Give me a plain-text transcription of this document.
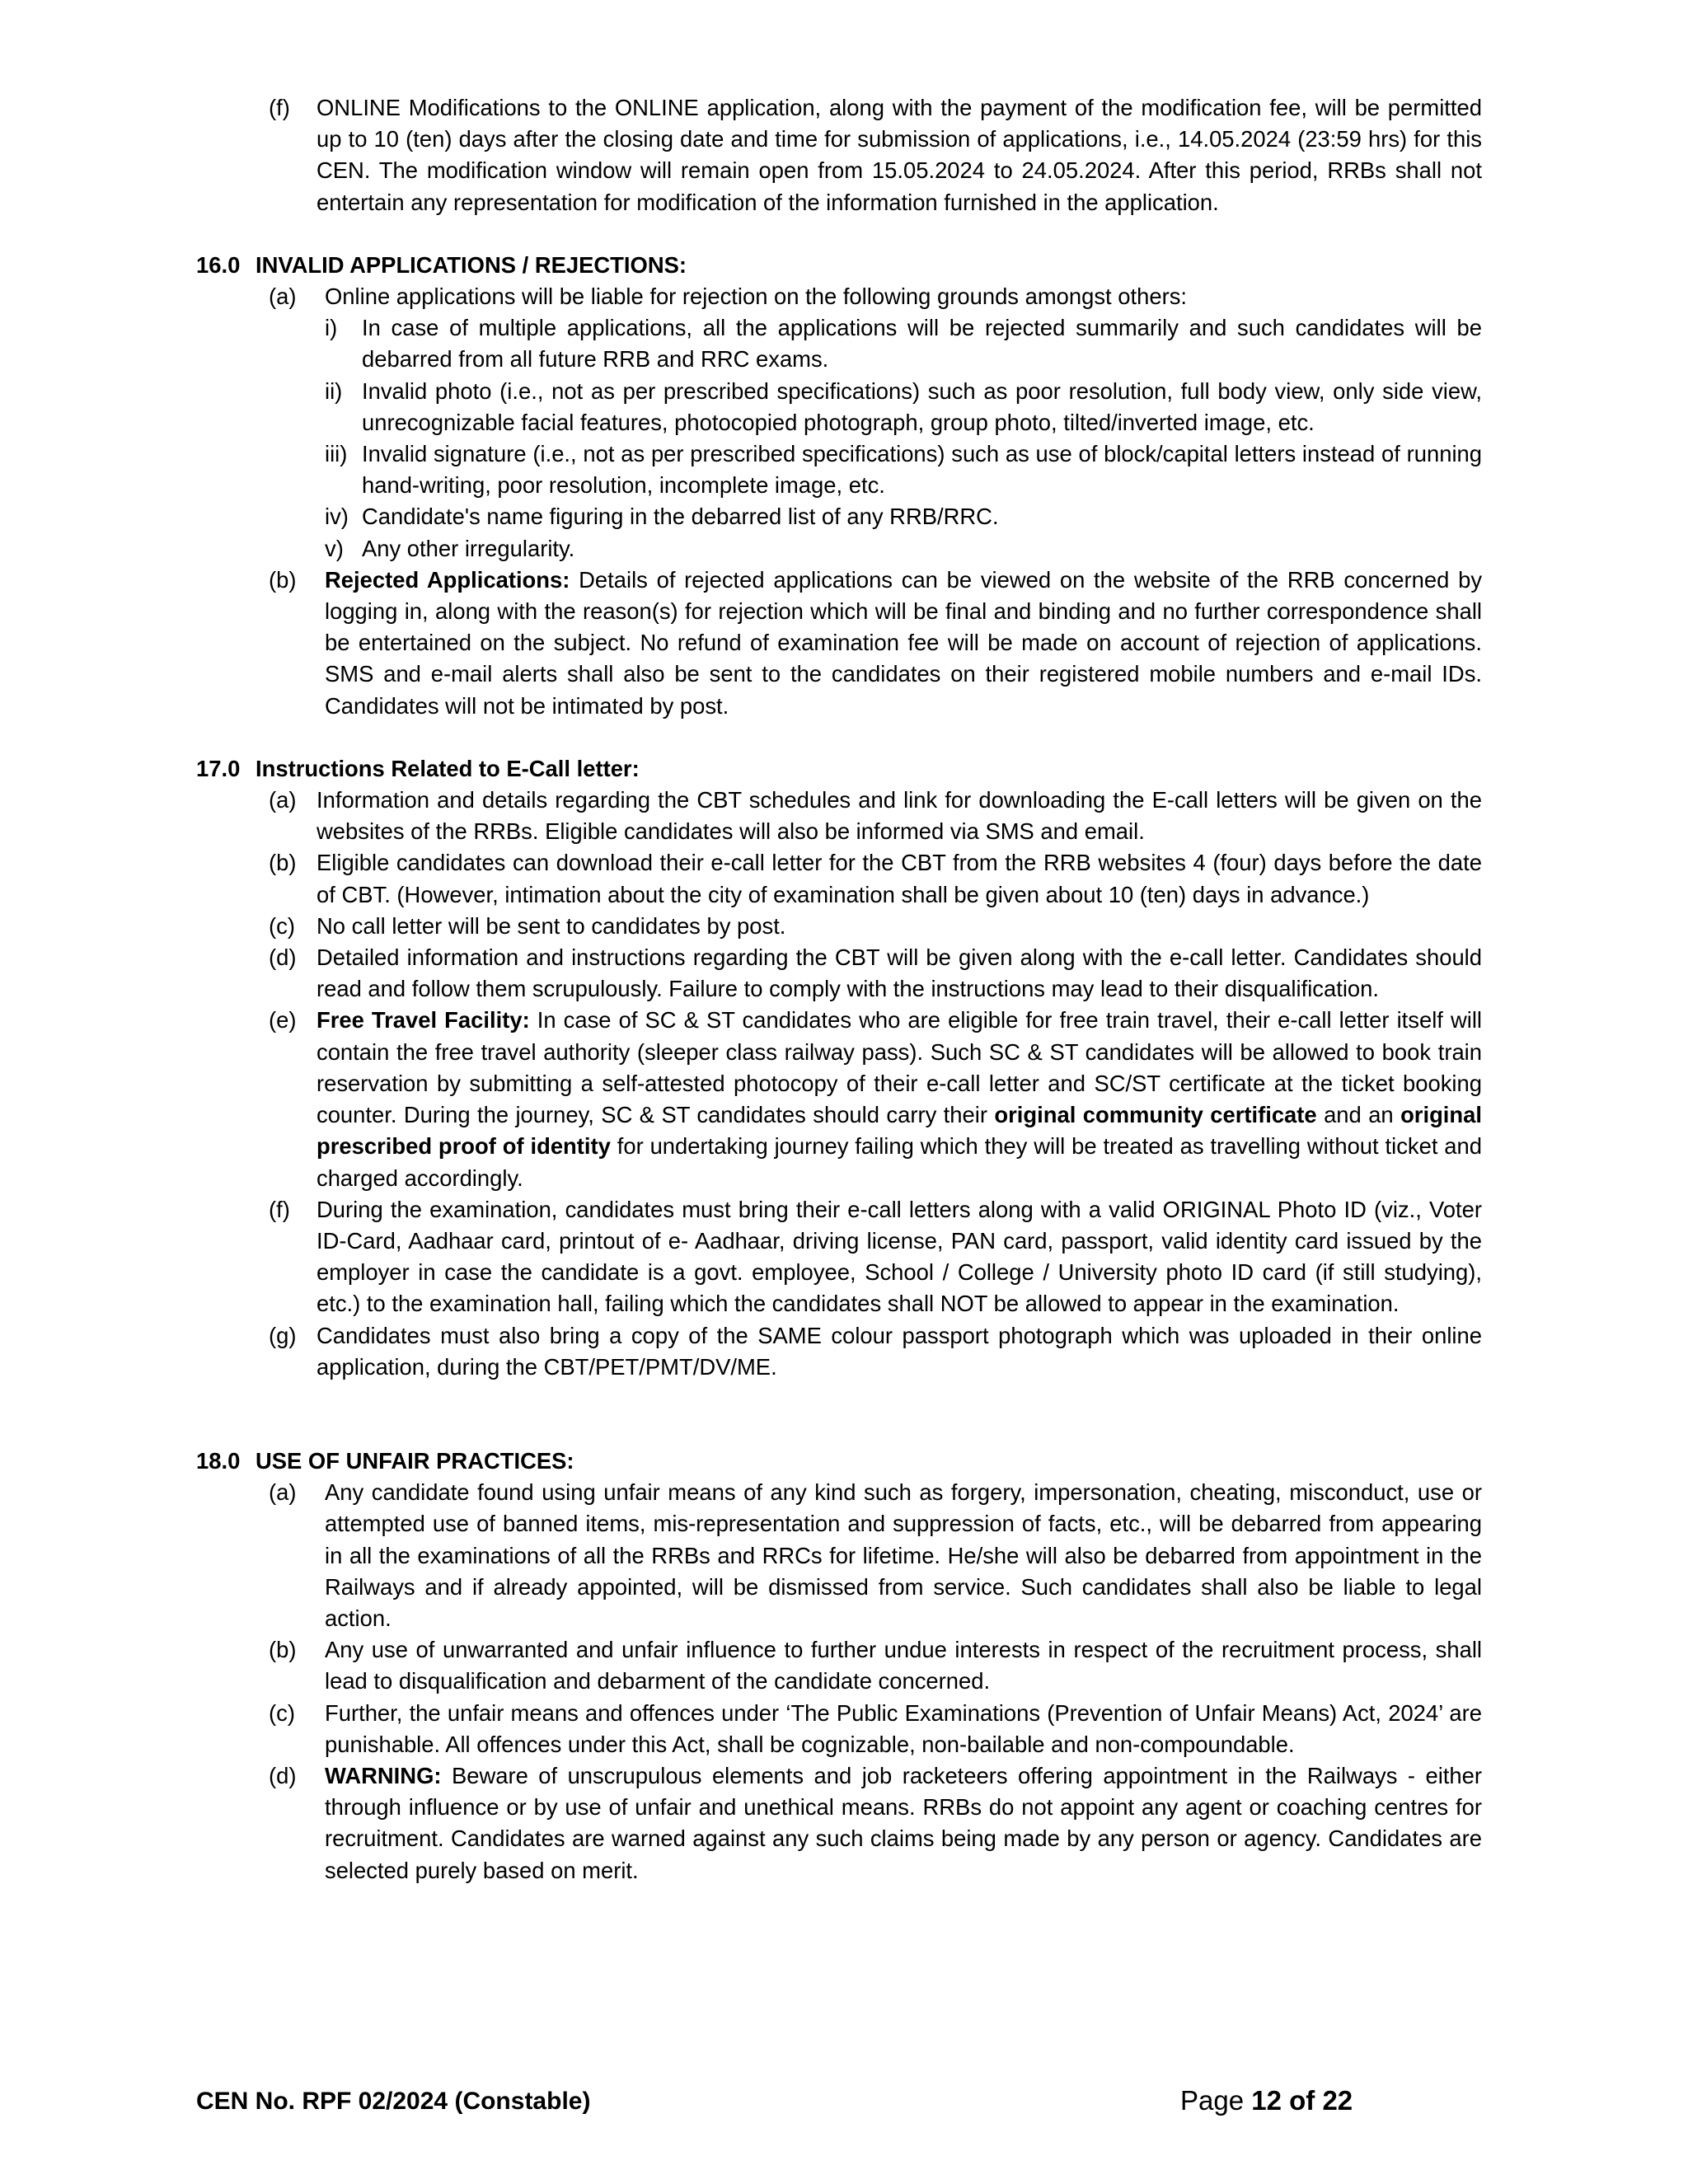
(f)	ONLINE Modifications to the ONLINE application, along with the payment of the modification fee, will be permitted up to 10 (ten) days after the closing date and time for submission of applications, i.e., 14.05.2024 (23:59 hrs) for this CEN. The modification window will remain open from 15.05.2024 to 24.05.2024. After this period, RRBs shall not entertain any representation for modification of the information furnished in the application.
16.0 INVALID APPLICATIONS / REJECTIONS:
(a)	Online applications will be liable for rejection on the following grounds amongst others:
i)	In case of multiple applications, all the applications will be rejected summarily and such candidates will be debarred from all future RRB and RRC exams.
ii) Invalid photo (i.e., not as per prescribed specifications) such as poor resolution, full body view, only side view, unrecognizable facial features, photocopied photograph, group photo, tilted/inverted image, etc.
iii) Invalid signature (i.e., not as per prescribed specifications) such as use of block/capital letters instead of running hand-writing, poor resolution, incomplete image, etc.
iv) Candidate's name figuring in the debarred list of any RRB/RRC.
v) Any other irregularity.
(b)	Rejected Applications: Details of rejected applications can be viewed on the website of the RRB concerned by logging in, along with the reason(s) for rejection which will be final and binding and no further correspondence shall be entertained on the subject. No refund of examination fee will be made on account of rejection of applications. SMS and e-mail alerts shall also be sent to the candidates on their registered mobile numbers and e-mail IDs. Candidates will not be intimated by post.
17.0 Instructions Related to E-Call letter:
(a) Information and details regarding the CBT schedules and link for downloading the E-call letters will be given on the websites of the RRBs. Eligible candidates will also be informed via SMS and email.
(b) Eligible candidates can download their e-call letter for the CBT from the RRB websites 4 (four) days before the date of CBT. (However, intimation about the city of examination shall be given about 10 (ten) days in advance.)
(c) No call letter will be sent to candidates by post.
(d) Detailed information and instructions regarding the CBT will be given along with the e-call letter. Candidates should read and follow them scrupulously. Failure to comply with the instructions may lead to their disqualification.
(e) Free Travel Facility: In case of SC & ST candidates who are eligible for free train travel, their e-call letter itself will contain the free travel authority (sleeper class railway pass). Such SC & ST candidates will be allowed to book train reservation by submitting a self-attested photocopy of their e-call letter and SC/ST certificate at the ticket booking counter. During the journey, SC & ST candidates should carry their original community certificate and an original prescribed proof of identity for undertaking journey failing which they will be treated as travelling without ticket and charged accordingly.
(f)	During the examination, candidates must bring their e-call letters along with a valid ORIGINAL Photo ID (viz., Voter ID-Card, Aadhaar card, printout of e- Aadhaar, driving license, PAN card, passport, valid identity card issued by the employer in case the candidate is a govt. employee, School / College / University photo ID card (if still studying), etc.) to the examination hall, failing which the candidates shall NOT be allowed to appear in the examination.
(g) Candidates must also bring a copy of the SAME colour passport photograph which was uploaded in their online application, during the CBT/PET/PMT/DV/ME.
18.0 USE OF UNFAIR PRACTICES:
(a)	Any candidate found using unfair means of any kind such as forgery, impersonation, cheating, misconduct, use or attempted use of banned items, mis-representation and suppression of facts, etc., will be debarred from appearing in all the examinations of all the RRBs and RRCs for lifetime. He/she will also be debarred from appointment in the Railways and if already appointed, will be dismissed from service. Such candidates shall also be liable to legal action.
(b)	Any use of unwarranted and unfair influence to further undue interests in respect of the recruitment process, shall lead to disqualification and debarment of the candidate concerned.
(c)	Further, the unfair means and offences under ‘The Public Examinations (Prevention of Unfair Means) Act, 2024’ are punishable. All offences under this Act, shall be cognizable, non-bailable and non-compoundable.
(d)	WARNING: Beware of unscrupulous elements and job racketeers offering appointment in the Railways - either through influence or by use of unfair and unethical means. RRBs do not appoint any agent or coaching centres for recruitment. Candidates are warned against any such claims being made by any person or agency. Candidates are selected purely based on merit.
CEN No. RPF 02/2024 (Constable)	Page 12 of 22
